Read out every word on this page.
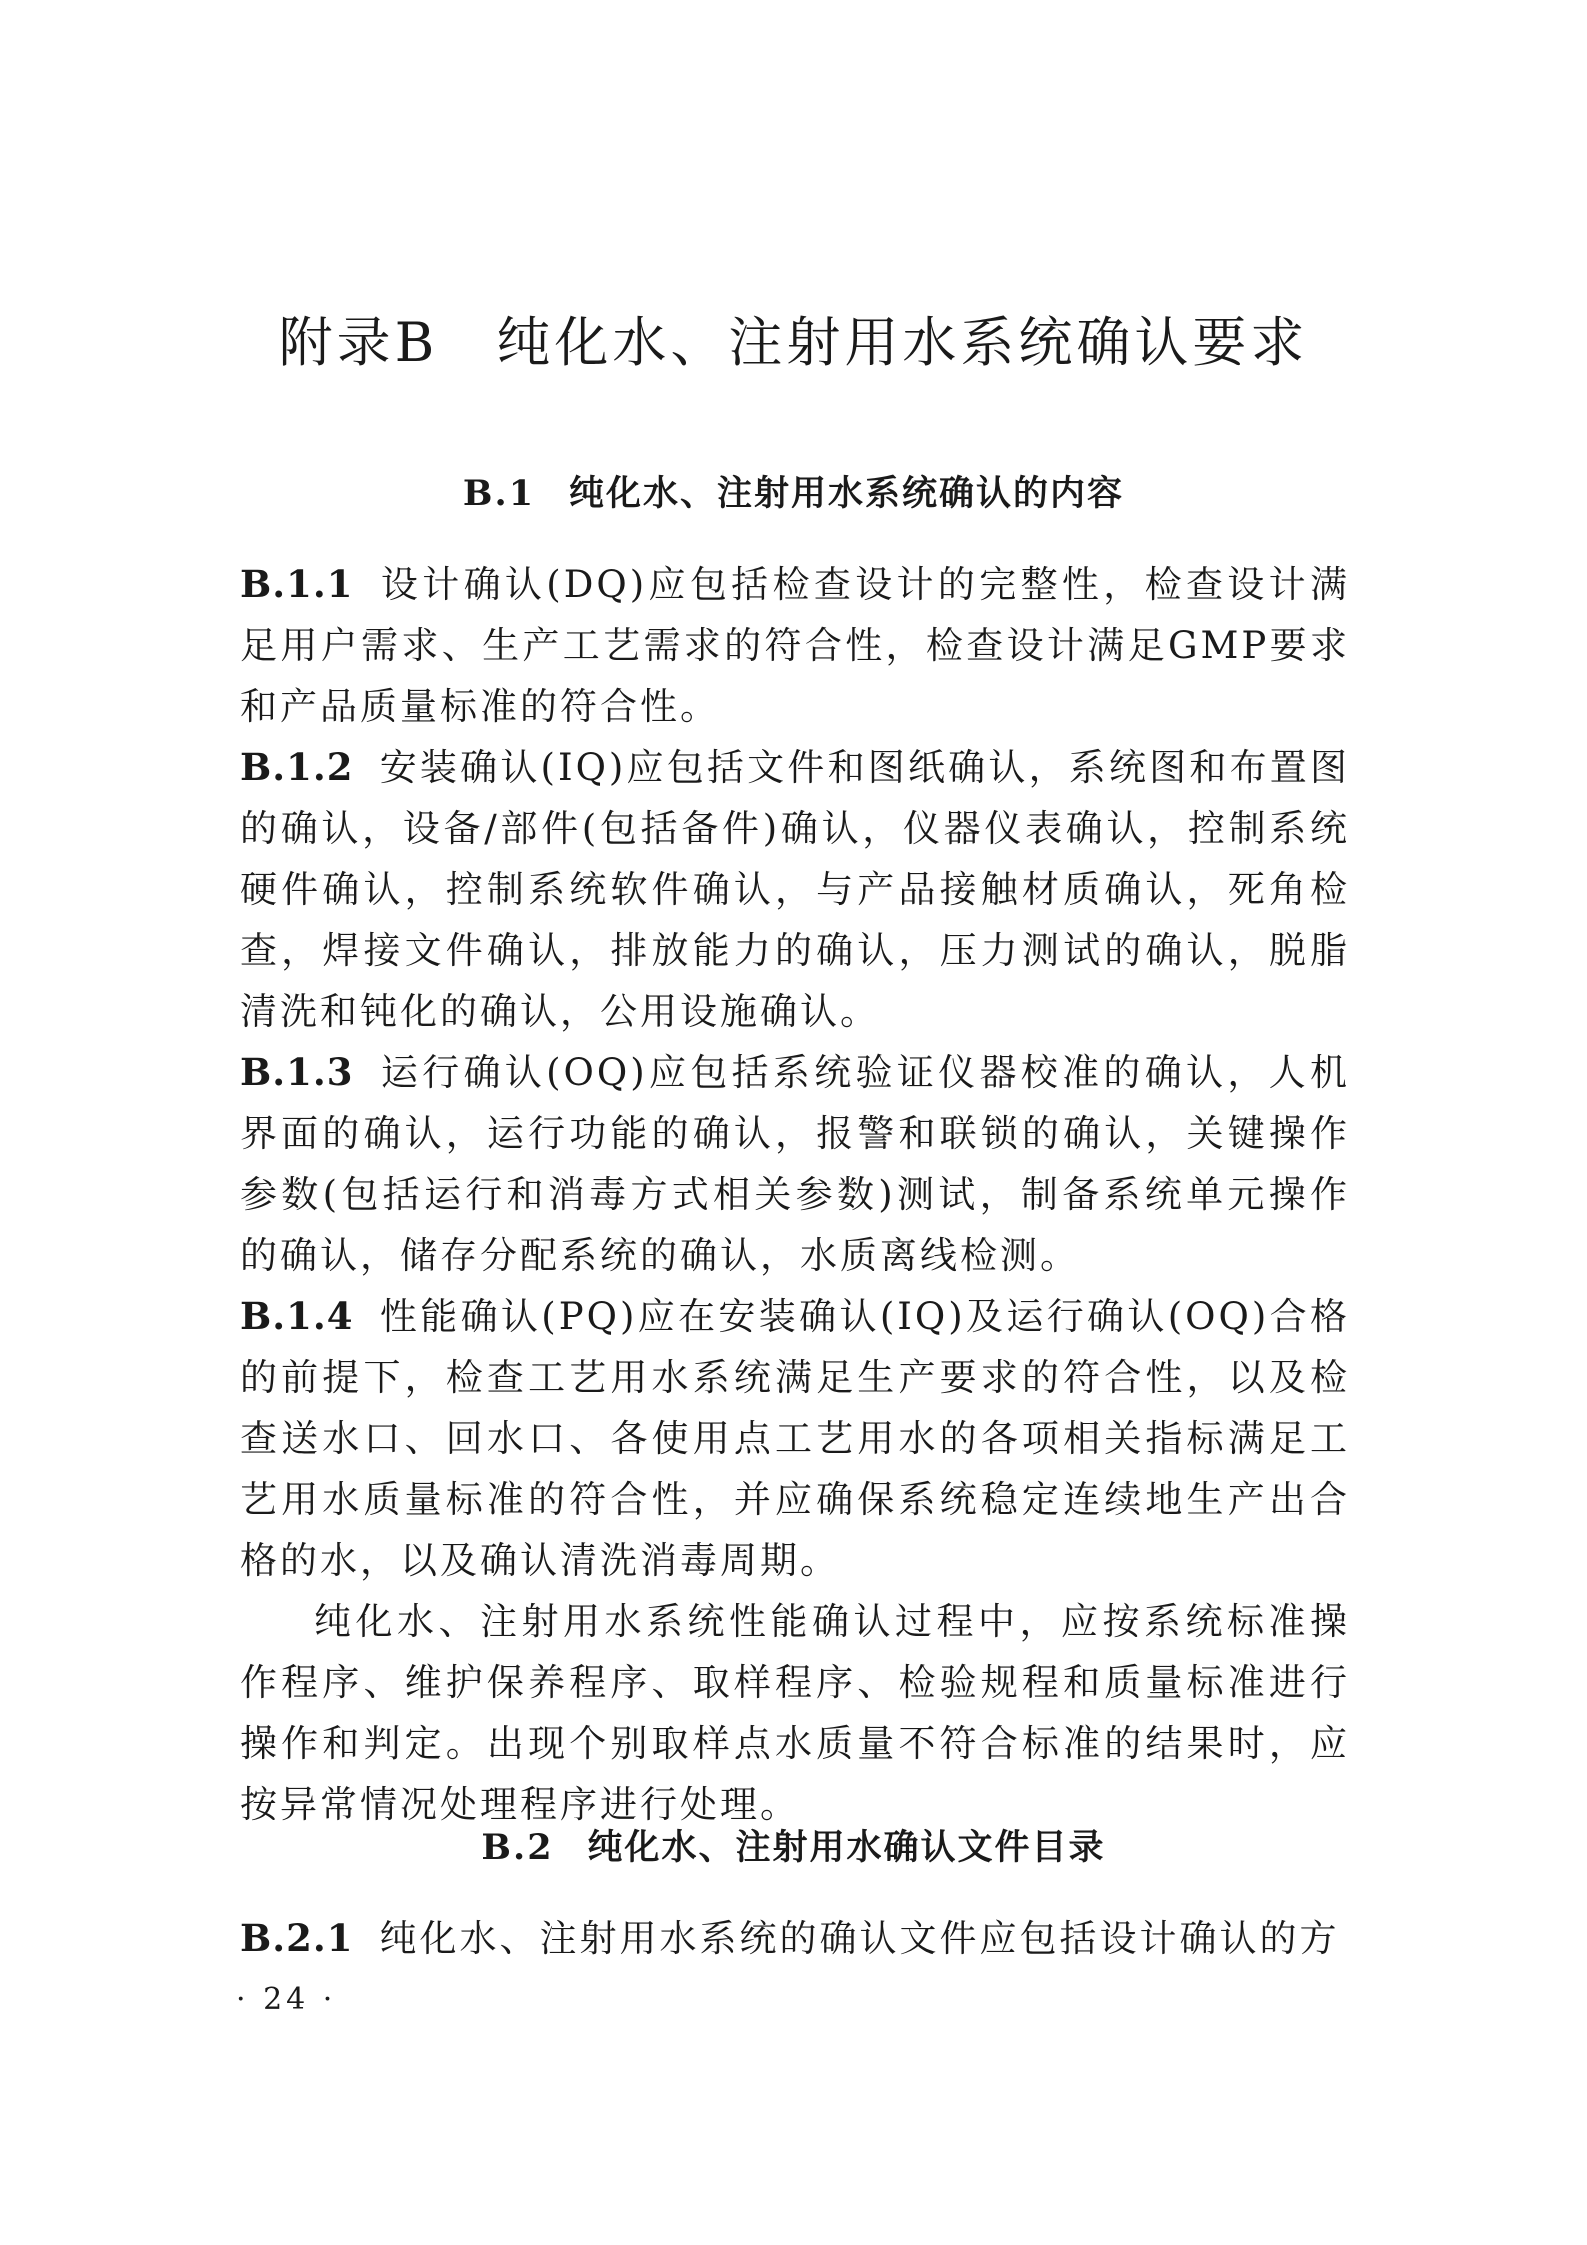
附录B　纯化水、注射用水系统确认要求
B.1 纯化水、注射用水系统确认的内容

B.1.1 设计确认(DQ)应包括检查设计的完整性，检查设计满足用户需求、生产工艺需求的符合性，检查设计满足GMP要求和产品质量标准的符合性。

B.1.2 安装确认(IQ)应包括文件和图纸确认，系统图和布置图的确认，设备/部件(包括备件)确认，仪器仪表确认，控制系统硬件确认，控制系统软件确认，与产品接触材质确认，死角检查，焊接文件确认，排放能力的确认，压力测试的确认，脱脂清洗和钝化的确认，公用设施确认。

B.1.3 运行确认(OQ)应包括系统验证仪器校准的确认，人机界面的确认，运行功能的确认，报警和联锁的确认，关键操作参数(包括运行和消毒方式相关参数)测试，制备系统单元操作的确认，储存分配系统的确认，水质离线检测。

B.1.4 性能确认(PQ)应在安装确认(IQ)及运行确认(OQ)合格的前提下，检查工艺用水系统满足生产要求的符合性，以及检查送水口、回水口、各使用点工艺用水的各项相关指标满足工艺用水质量标准的符合性，并应确保系统稳定连续地生产出合格的水，以及确认清洗消毒周期。

纯化水、注射用水系统性能确认过程中，应按系统标准操作程序、维护保养程序、取样程序、检验规程和质量标准进行操作和判定。出现个别取样点水质量不符合标准的结果时，应按异常情况处理程序进行处理。

B.2 纯化水、注射用水确认文件目录

B.2.1 纯化水、注射用水系统的确认文件应包括设计确认的方

· 24 ·
